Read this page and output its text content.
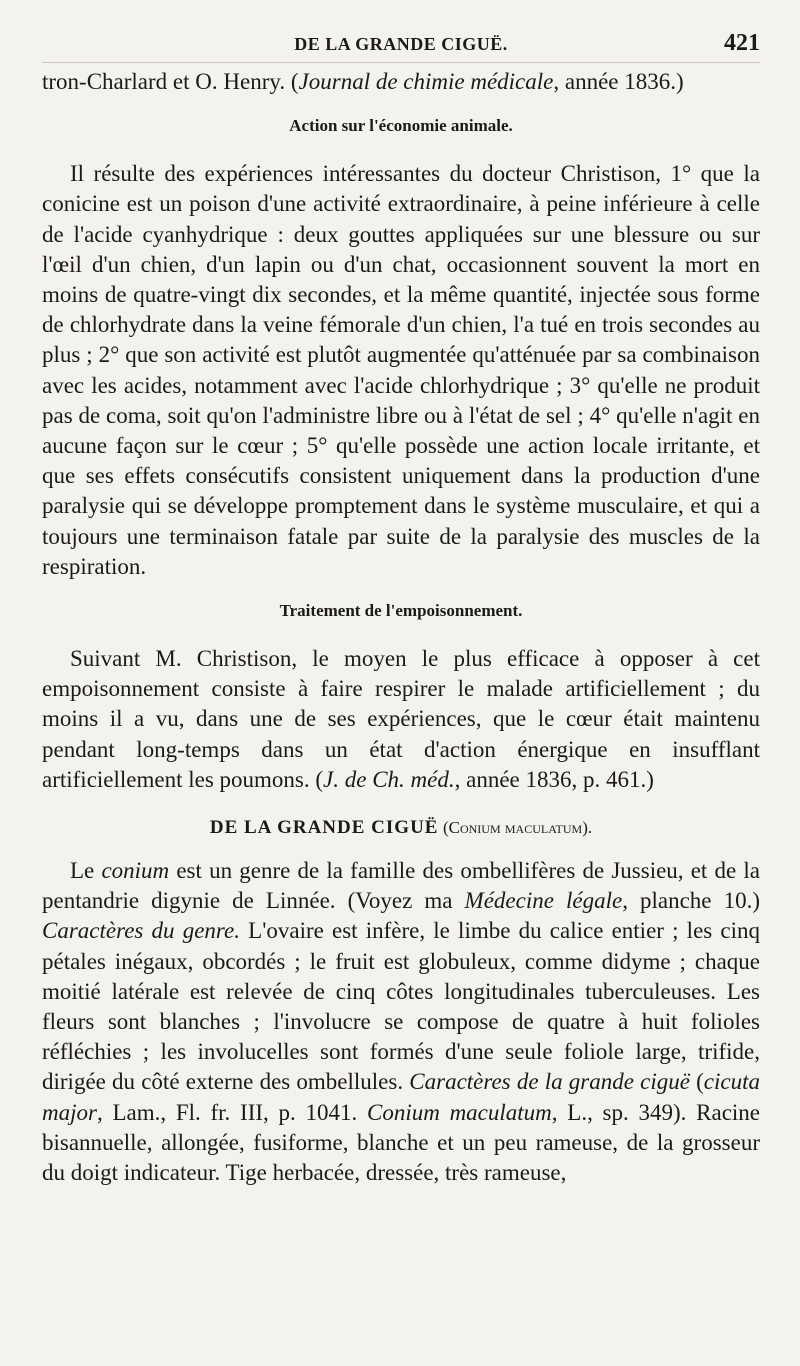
DE LA GRANDE CIGUË.	421

tron-Charlard et O. Henry. (Journal de chimie médicale, année 1836.)

Action sur l'économie animale.

Il résulte des expériences intéressantes du docteur Christison, 1° que la conicine est un poison d'une activité extraordinaire, à peine inférieure à celle de l'acide cyanhydrique : deux gouttes appliquées sur une blessure ou sur l'œil d'un chien, d'un lapin ou d'un chat, occasionnent souvent la mort en moins de quatre-vingt dix secondes, et la même quantité, injectée sous forme de chlorhydrate dans la veine fémorale d'un chien, l'a tué en trois secondes au plus ; 2° que son activité est plutôt augmentée qu'atténuée par sa combinaison avec les acides, notamment avec l'acide chlorhydrique ; 3° qu'elle ne produit pas de coma, soit qu'on l'administre libre ou à l'état de sel ; 4° qu'elle n'agit en aucune façon sur le cœur ; 5° qu'elle possède une action locale irritante, et que ses effets consécutifs consistent uniquement dans la production d'une paralysie qui se développe promptement dans le système musculaire, et qui a toujours une terminaison fatale par suite de la paralysie des muscles de la respiration.

Traitement de l'empoisonnement.

Suivant M. Christison, le moyen le plus efficace à opposer à cet empoisonnement consiste à faire respirer le malade artificiellement ; du moins il a vu, dans une de ses expériences, que le cœur était maintenu pendant long-temps dans un état d'action énergique en insufflant artificiellement les poumons. (J. de Ch. méd., année 1836, p. 461.)

DE LA GRANDE CIGUË (Conium maculatum).

Le conium est un genre de la famille des ombellifères de Jussieu, et de la pentandrie digynie de Linnée. (Voyez ma Médecine légale, planche 10.) Caractères du genre. L'ovaire est infère, le limbe du calice entier ; les cinq pétales inégaux, obcordés ; le fruit est globuleux, comme didyme ; chaque moitié latérale est relevée de cinq côtes longitudinales tuberculeuses. Les fleurs sont blanches ; l'involucre se compose de quatre à huit folioles réfléchies ; les involucelles sont formés d'une seule foliole large, trifide, dirigée du côté externe des ombellules. Caractères de la grande ciguë (cicuta major, Lam., Fl. fr. III, p. 1041. Conium maculatum, L., sp. 349). Racine bisannuelle, allongée, fusiforme, blanche et un peu rameuse, de la grosseur du doigt indicateur. Tige herbacée, dressée, très rameuse,
